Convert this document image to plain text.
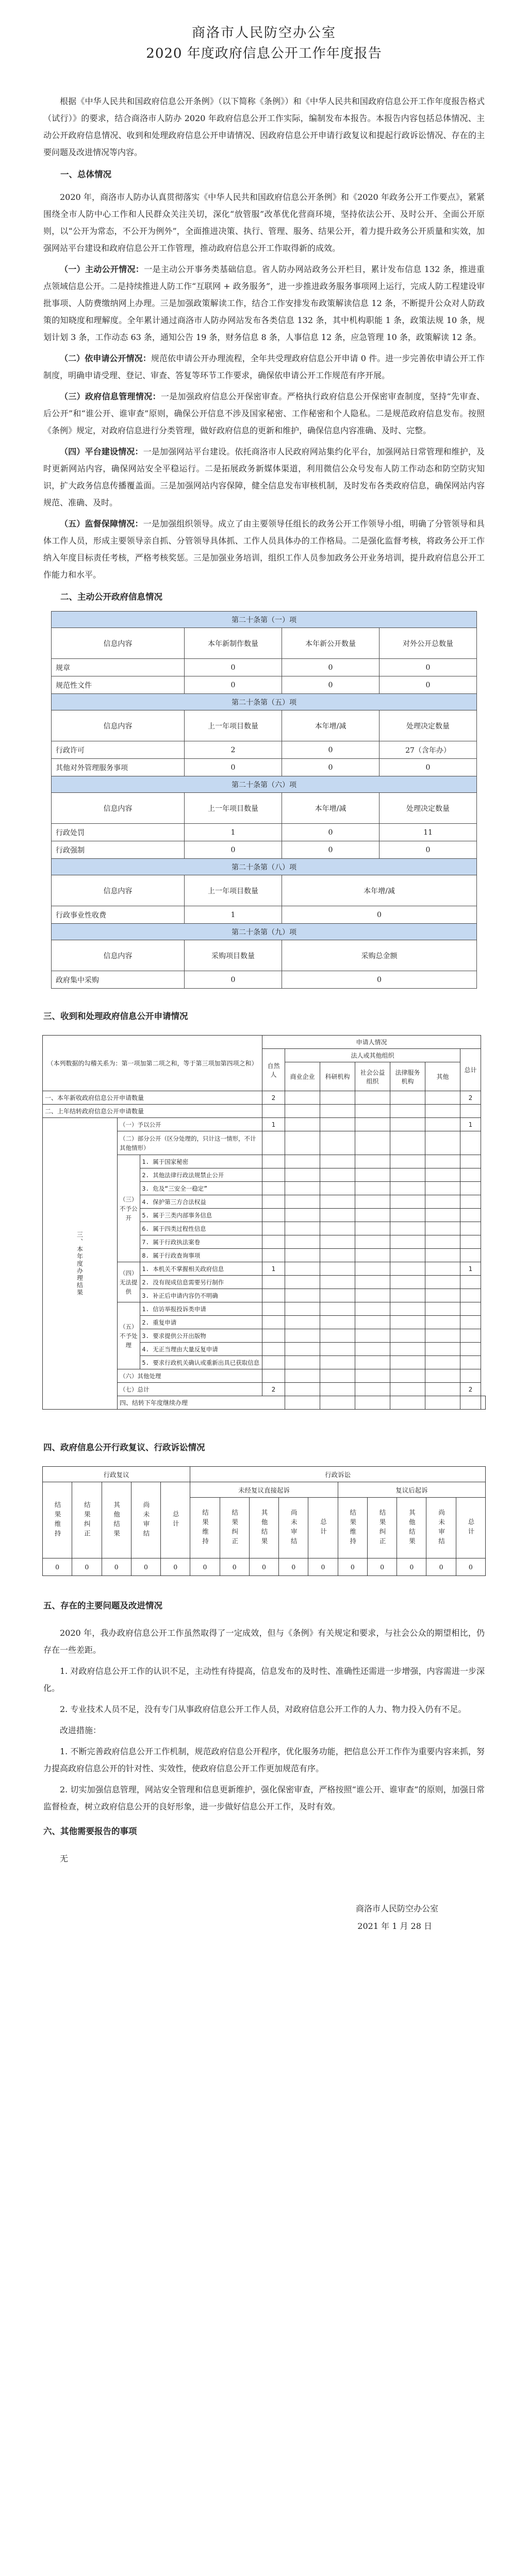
商洛市人民防空办公室
2020 年度政府信息公开工作年度报告

根据《中华人民共和国政府信息公开条例》（以下简称《条例》）和《中华人民共和国政府信息公开工作年度报告格式（试行）》的要求，结合商洛市人防办 2020 年政府信息公开工作实际，编制发布本报告。本报告内容包括总体情况、主动公开政府信息情况、收到和处理政府信息公开申请情况、因政府信息公开申请行政复议和提起行政诉讼情况、存在的主要问题及改进情况等内容。

一、总体情况

2020 年，商洛市人防办认真贯彻落实《中华人民共和国政府信息公开条例》和《2020 年政务公开工作要点》，紧紧围绕全市人防中心工作和人民群众关注关切，深化“放管服”改革优化营商环境，坚持依法公开、及时公开、全面公开原则，以“公开为常态，不公开为例外”，全面推进决策、执行、管理、服务、结果公开，着力提升政务公开质量和实效，加强网站平台建设和政府信息公开工作管理，推动政府信息公开工作取得新的成效。

（一）主动公开情况：一是主动公开事务类基础信息。省人防办网站政务公开栏目，累计发布信息 132 条，推进重点领域信息公开。二是持续推进人防工作“互联网 + 政务服务”，进一步推进政务服务事项网上运行，完成人防工程建设审批事项、人防费缴纳网上办理。三是加强政策解读工作，结合工作安排发布政策解读信息 12 条，不断提升公众对人防政策的知晓度和理解度。全年累计通过商洛市人防办网站发布各类信息 132 条，其中机构职能 1 条，政策法规 10 条，规划计划 3 条，工作动态 63 条，通知公告 19 条，财务信息 8 条，人事信息 12 条，应急管理 10 条，政策解读 12 条。

（二）依申请公开情况：规范依申请公开办理流程，全年共受理政府信息公开申请 0 件。进一步完善依申请公开工作制度，明确申请受理、登记、审查、答复等环节工作要求，确保依申请公开工作规范有序开展。

（三）政府信息管理情况：一是加强政府信息公开保密审查。严格执行政府信息公开保密审查制度，坚持“先审查、后公开”和“谁公开、谁审查”原则，确保公开信息不涉及国家秘密、工作秘密和个人隐私。二是规范政府信息发布。按照《条例》规定，对政府信息进行分类管理，做好政府信息的更新和维护，确保信息内容准确、及时、完整。

（四）平台建设情况：一是加强网站平台建设。依托商洛市人民政府网站集约化平台，加强网站日常管理和维护，及时更新网站内容，确保网站安全平稳运行。二是拓展政务新媒体渠道，利用微信公众号发布人防工作动态和防空防灾知识，扩大政务信息传播覆盖面。三是加强网站内容保障，健全信息发布审核机制，及时发布各类政府信息，确保网站内容规范、准确、及时。

（五）监督保障情况：一是加强组织领导。成立了由主要领导任组长的政务公开工作领导小组，明确了分管领导和具体工作人员，形成主要领导亲自抓、分管领导具体抓、工作人员具体办的工作格局。二是强化监督考核，将政务公开工作纳入年度目标责任考核，严格考核奖惩。三是加强业务培训，组织工作人员参加政务公开业务培训，提升政府信息公开工作能力和水平。

二、主动公开政府信息情况
第二十条第（一）项			
信息内容	本年新制作数量	本年新公开数量	对外公开总数量
规章	0	0	0
规范性文件	0	0	0
第二十条第（五）项			
信息内容	上一年项目数量	本年增/减	处理决定数量
行政许可	2	0	27（含年办）
其他对外管理服务事项	0	0	0
第二十条第（六）项			
信息内容	上一年项目数量	本年增/减	处理决定数量
行政处罚	1	0	11
行政强制	0	0	0
第二十条第（八）项			
信息内容	上一年项目数量	本年增/减	
行政事业性收费	1	0	
第二十条第（九）项			
信息内容	采购项目数量	采购总金额	
政府集中采购	0	0	
三、收到和处理政府信息公开申请情况
（本列数据的勾稽关系为：第一项加第二项之和，等于第三项加第四项之和）			申请人情况							
			自然人	法人或其他组织					总计	
				商业企业	科研机构	社会公益组织	法律服务机构	其他		
一、本年新收政府信息公开申请数量			2						2	
二、上年结转政府信息公开申请数量										
三、本年度办理结果	（一）予以公开		1						1	
	（二）部分公开（区分处理的，只计这一情形，不计其他情形）									
	（三）不予公开	1. 属于国家秘密								
		2. 其他法律行政法规禁止公开								
		3. 危及“三安全一稳定”								
		4. 保护第三方合法权益								
		5. 属于三类内部事务信息								
		6. 属于四类过程性信息								
		7. 属于行政执法案卷								
		8. 属于行政查询事项								
	（四）无法提供	1. 本机关不掌握相关政府信息	1						1	
		2. 没有现成信息需要另行制作								
		3. 补正后申请内容仍不明确								
	（五）不予处理	1. 信访举报投诉类申请								
		2. 重复申请								
		3. 要求提供公开出版物								
		4. 无正当理由大量反复申请								
		5. 要求行政机关确认或重新出具已获取信息								
	（六）其他处理									
	（七）总计		2						2	
	四、结转下年度继续办理									
四、政府信息公开行政复议、行政诉讼情况
行政复议					行政诉讼									
结果维持	结果纠正	其他结果	尚未审结	总计	未经复议直接起诉					复议后起诉				
					结果维持	结果纠正	其他结果	尚未审结	总计	结果维持	结果纠正	其他结果	尚未审结	总计
0	0	0	0	0	0	0	0	0	0	0	0	0	0	0
五、存在的主要问题及改进情况

2020 年，我办政府信息公开工作虽然取得了一定成效，但与《条例》有关规定和要求，与社会公众的期望相比，仍存在一些差距。

1. 对政府信息公开工作的认识不足，主动性有待提高，信息发布的及时性、准确性还需进一步增强，内容需进一步深化。

2. 专业技术人员不足，没有专门从事政府信息公开工作人员，对政府信息公开工作的人力、物力投入仍有不足。

改进措施：

1. 不断完善政府信息公开工作机制，规范政府信息公开程序，优化服务功能，把信息公开工作作为重要内容来抓，努力提高政府信息公开的针对性、实效性，使政府信息公开工作更加规范有序。

2. 切实加强信息管理，网站安全管理和信息更新维护，强化保密审查，严格按照“谁公开、谁审查”的原则，加强日常监督检查，树立政府信息公开的良好形象，进一步做好信息公开工作，及时有效。

六、其他需要报告的事项

无

商洛市人民防空办公室
2021 年 1 月 28 日
